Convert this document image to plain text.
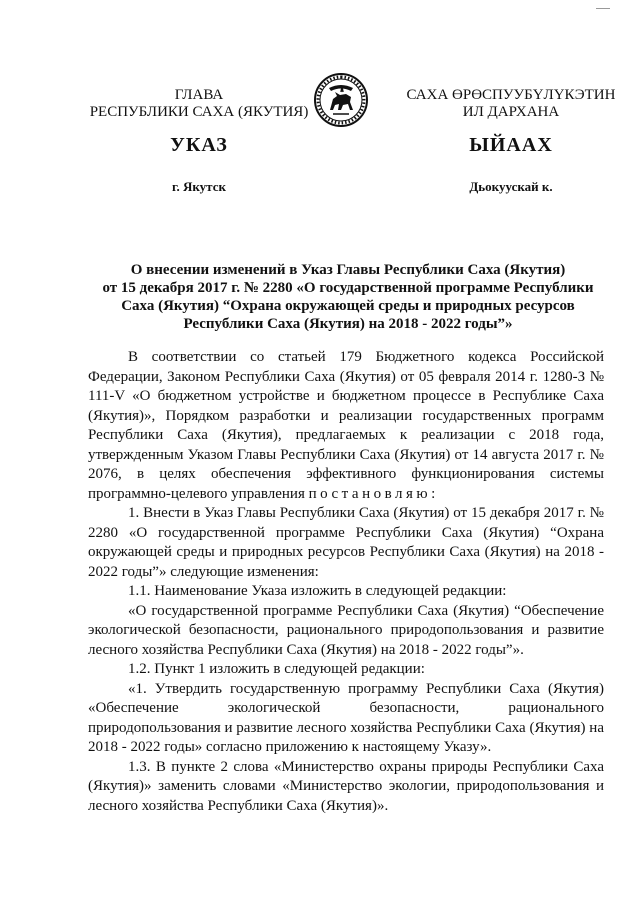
ГЛАВА
РЕСПУБЛИКИ САХА (ЯКУТИЯ)
САХА ӨРӨСПУУБҮЛҮКЭТИН
ИЛ ДАРХАНА
УКАЗ	ЫЙААХ
г. Якутск	Дьокуускай к.
О внесении изменений в Указ Главы Республики Саха (Якутия)
от 15 декабря 2017 г. № 2280 «О государственной программе Республики
Саха (Якутия) “Охрана окружающей среды и природных ресурсов
Республики Саха (Якутия) на 2018 - 2022 годы”»

В соответствии со статьей 179 Бюджетного кодекса Российской Федерации, Законом Республики Саха (Якутия) от 05 февраля 2014 г. 1280-З № 111-V «О бюджетном устройстве и бюджетном процессе в Республике Саха (Якутия)», Порядком разработки и реализации государственных программ Республики Саха (Якутия), предлагаемых к реализации с 2018 года, утвержденным Указом Главы Республики Саха (Якутия) от 14 августа 2017 г. № 2076, в целях обеспечения эффективного функционирования системы программно-целевого управления постановляю:

1. Внести в Указ Главы Республики Саха (Якутия) от 15 декабря 2017 г. № 2280 «О государственной программе Республики Саха (Якутия) “Охрана окружающей среды и природных ресурсов Республики Саха (Якутия) на 2018 - 2022 годы”» следующие изменения:

1.1. Наименование Указа изложить в следующей редакции:

«О государственной программе Республики Саха (Якутия) “Обеспечение экологической безопасности, рационального природопользования и развитие лесного хозяйства Республики Саха (Якутия) на 2018 - 2022 годы”».

1.2. Пункт 1 изложить в следующей редакции:

«1. Утвердить государственную программу Республики Саха (Якутия) «Обеспечение экологической безопасности, рационального природопользования и развитие лесного хозяйства Республики Саха (Якутия) на 2018 - 2022 годы» согласно приложению к настоящему Указу».

1.3. В пункте 2 слова «Министерство охраны природы Республики Саха (Якутия)» заменить словами «Министерство экологии, природопользования и лесного хозяйства Республики Саха (Якутия)».
